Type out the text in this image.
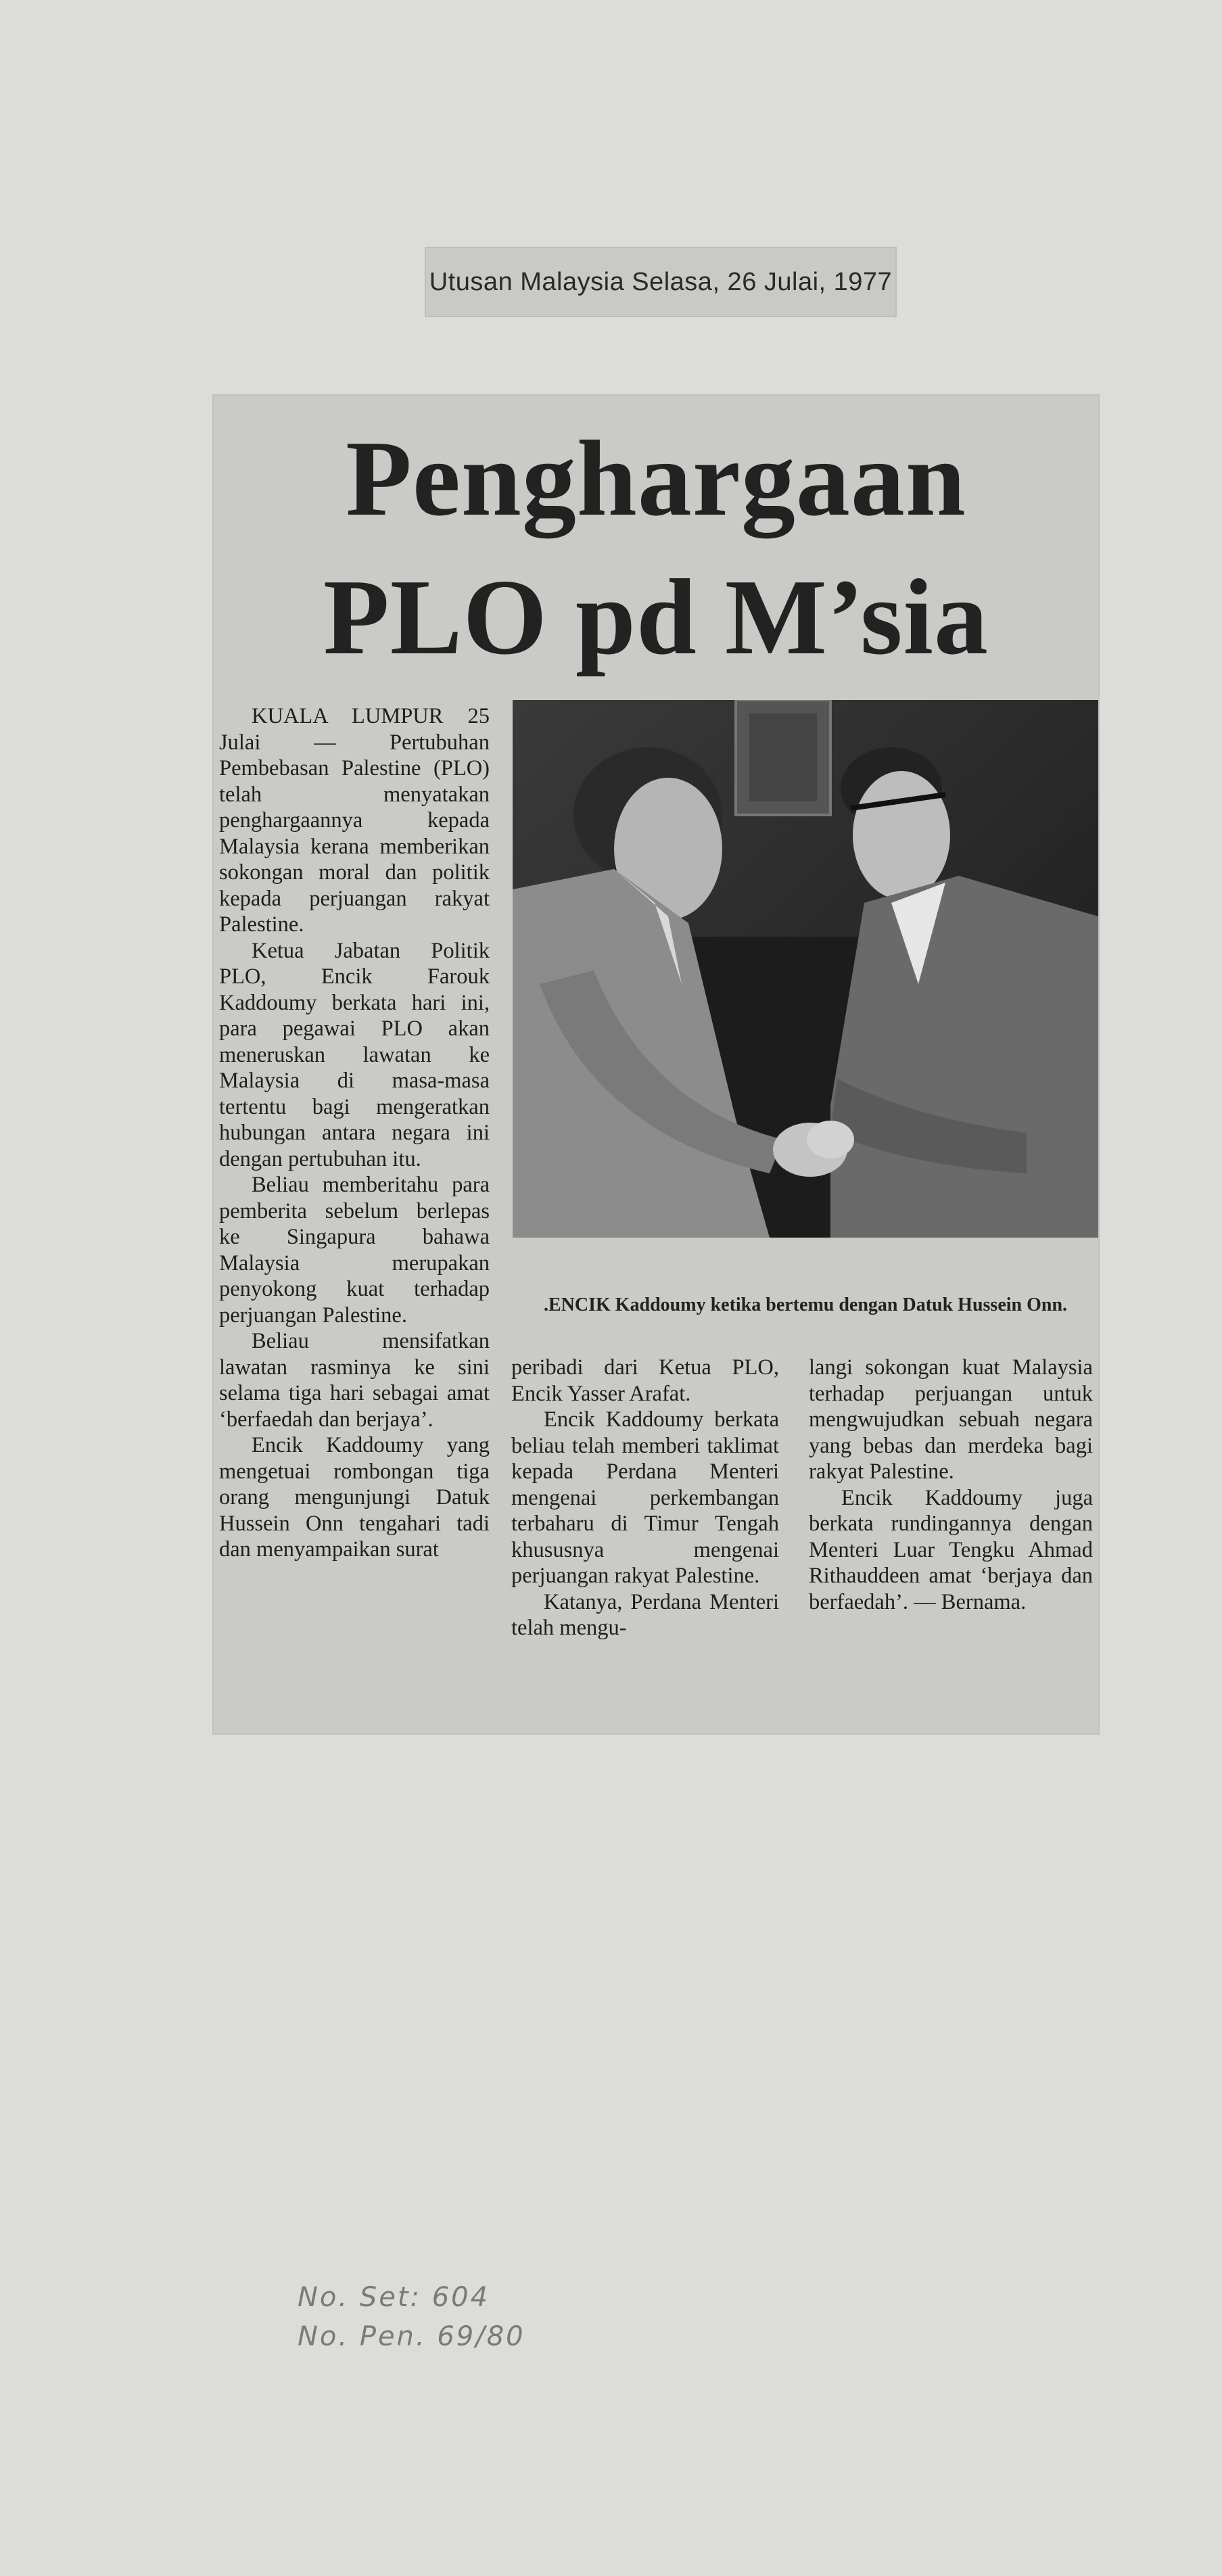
Utusan Malaysia Selasa, 26 Julai, 1977
Penghargaan
PLO pd M’sia

KUALA LUMPUR 25 Julai — Pertubuhan Pembebasan Palestine (PLO) telah menyatakan penghargaannya kepada Malaysia kerana memberikan sokongan moral dan politik kepada perjuangan rakyat Palestine.

Ketua Jabatan Politik PLO, Encik Farouk Kaddoumy berkata hari ini, para pegawai PLO akan meneruskan lawatan ke Malaysia di masa-masa tertentu bagi mengeratkan hubungan antara negara ini dengan pertubuhan itu.

Beliau memberitahu para pemberita sebelum berlepas ke Singapura bahawa Malaysia merupakan penyokong kuat terhadap perjuangan Palestine.

Beliau mensifatkan lawatan rasminya ke sini selama tiga hari sebagai amat ‘berfaedah dan berjaya’.

Encik Kaddoumy yang mengetuai rombongan tiga orang mengunjungi Datuk Hussein Onn tengahari tadi dan menyampaikan surat

.ENCIK Kaddoumy ketika bertemu dengan Datuk Hussein Onn.

peribadi dari Ketua PLO, Encik Yasser Arafat.

Encik Kaddoumy berkata beliau telah memberi taklimat kepada Perdana Menteri mengenai perkembangan terbaharu di Timur Tengah khususnya mengenai perjuangan rakyat Palestine.

Katanya, Perdana Menteri telah mengu-

langi sokongan kuat Malaysia terhadap perjuangan untuk mengwujudkan sebuah negara yang bebas dan merdeka bagi rakyat Palestine.

Encik Kaddoumy juga berkata rundingannya dengan Menteri Luar Tengku Ahmad Rithauddeen amat ‘berjaya dan berfaedah’. — Bernama.

No. Set: 604
No. Pen. 69/80
